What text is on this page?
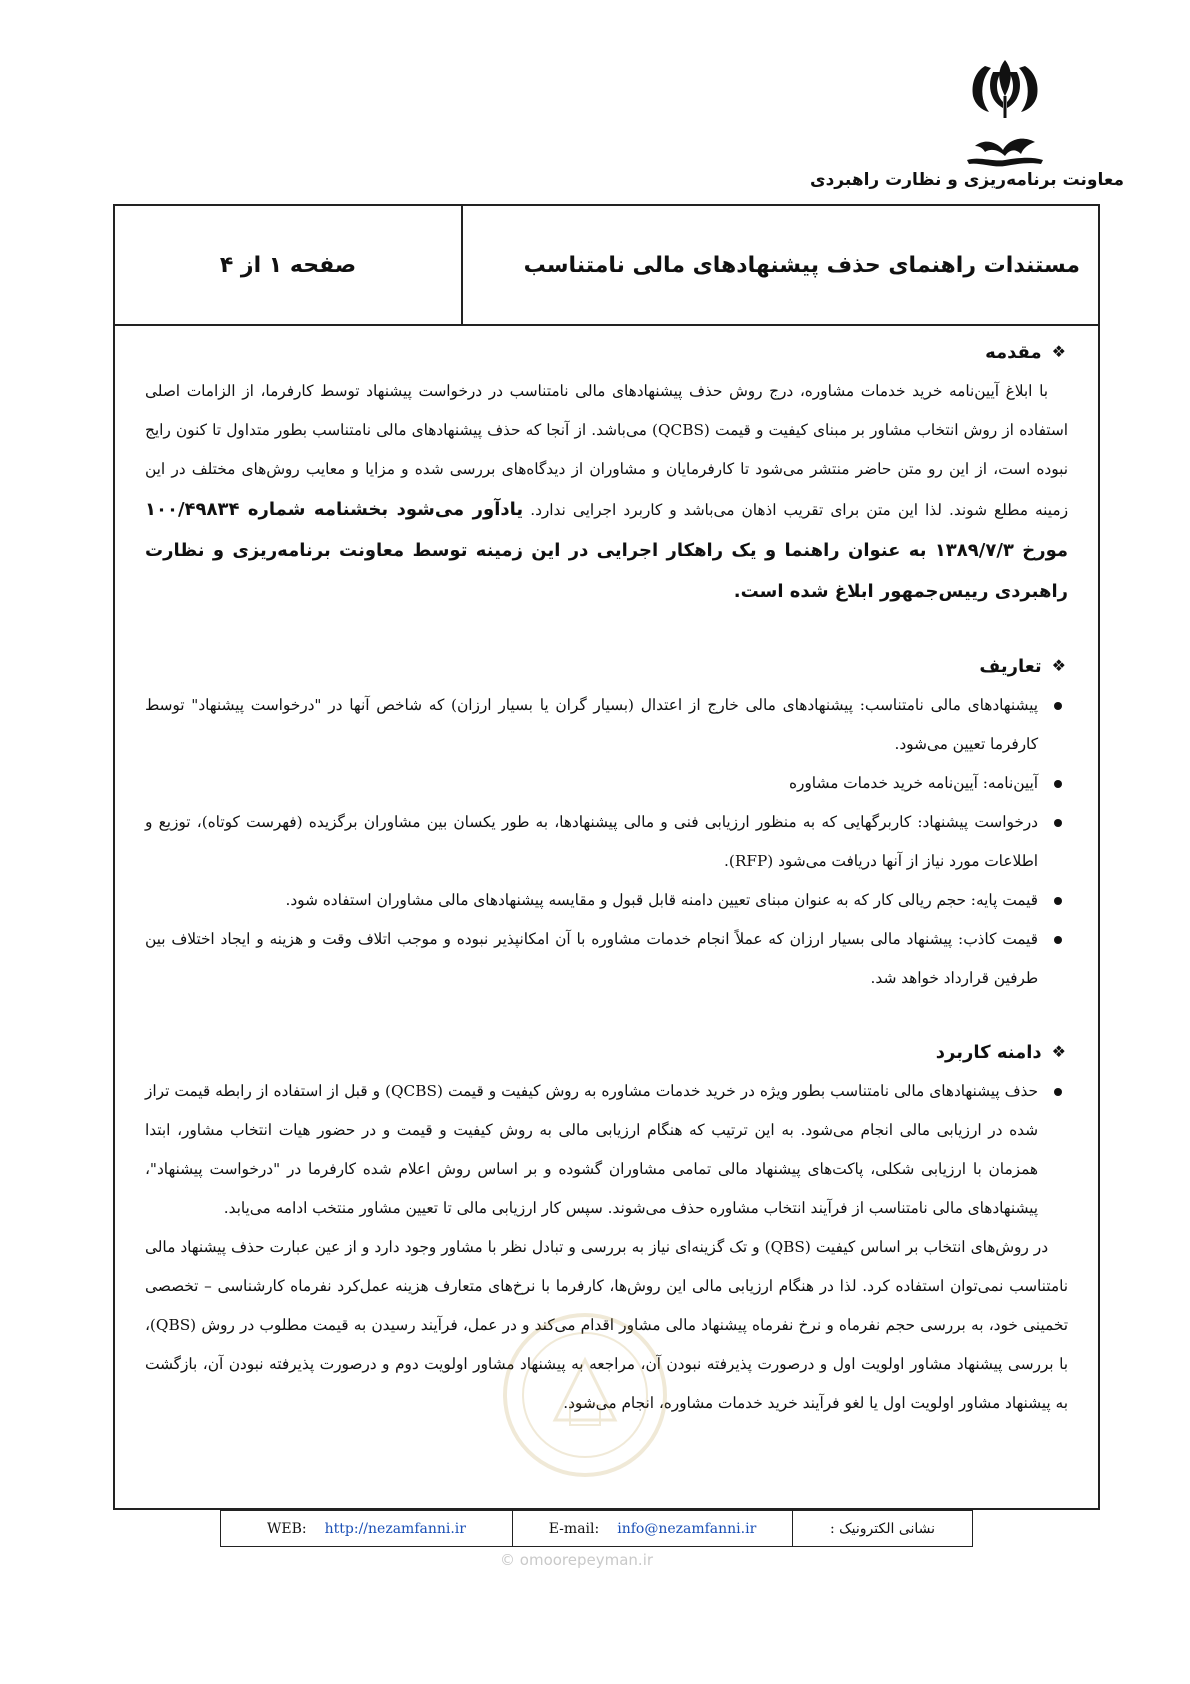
معاونت برنامه‌ریزی و نظارت راهبردی
مستندات راهنمای حذف پیشنهادهای مالی نامتناسب
صفحه ۱ از ۴
❖
مقدمه

با ابلاغ آیین‌نامه خرید خدمات مشاوره، درج روش حذف پیشنهادهای مالی نامتناسب در درخواست پیشنهاد توسط کارفرما، از الزامات اصلی استفاده از روش انتخاب مشاور بر مبنای کیفیت و قیمت (QCBS) می‌باشد. از آنجا که حذف پیشنهادهای مالی نامتناسب بطور متداول تا کنون رایج نبوده است، از این رو متن حاضر منتشر می‌شود تا کارفرمایان و مشاوران از دیدگاه‌های بررسی شده و مزایا و معایب روش‌های مختلف در این زمینه مطلع شوند. لذا این متن برای تقریب اذهان می‌باشد و کاربرد اجرایی ندارد. یادآور می‌شود بخشنامه شماره ۱۰۰/۴۹۸۳۴ مورخ ۱۳۸۹/۷/۳ به عنوان راهنما و یک راهکار اجرایی در این زمینه توسط معاونت برنامه‌ریزی و نظارت راهبردی رییس‌جمهور ابلاغ شده است.

❖
تعاریف
پیشنهادهای مالی نامتناسب: پیشنهادهای مالی خارج از اعتدال (بسیار گران یا بسیار ارزان) که شاخص آنها در "درخواست پیشنهاد" توسط کارفرما تعیین می‌شود.
آیین‌نامه: آیین‌نامه خرید خدمات مشاوره
درخواست پیشنهاد: کاربرگهایی که به منظور ارزیابی فنی و مالی پیشنهادها، به طور یکسان بین مشاوران برگزیده (فهرست کوتاه)، توزیع و اطلاعات مورد نیاز از آنها دریافت می‌شود (RFP).
قیمت پایه: حجم ریالی کار که به عنوان مبنای تعیین دامنه قابل قبول و مقایسه پیشنهادهای مالی مشاوران استفاده شود.
قیمت کاذب: پیشنهاد مالی بسیار ارزان که عملاً انجام خدمات مشاوره با آن امکانپذیر نبوده و موجب اتلاف وقت و هزینه و ایجاد اختلاف بین طرفین قرارداد خواهد شد.
❖
دامنه کاربرد
حذف پیشنهادهای مالی نامتناسب بطور ویژه در خرید خدمات مشاوره به روش کیفیت و قیمت (QCBS) و قبل از استفاده از رابطه قیمت تراز شده در ارزیابی مالی انجام می‌شود. به این ترتیب که هنگام ارزیابی مالی به روش کیفیت و قیمت و در حضور هیات انتخاب مشاور، ابتدا همزمان با ارزیابی شکلی، پاکت‌های پیشنهاد مالی تمامی مشاوران گشوده و بر اساس روش اعلام شده کارفرما در "درخواست پیشنهاد"، پیشنهادهای مالی نامتناسب از فرآیند انتخاب مشاوره حذف می‌شوند. سپس کار ارزیابی مالی تا تعیین مشاور منتخب ادامه می‌یابد.

در روش‌های انتخاب بر اساس کیفیت (QBS) و تک گزینه‌ای نیاز به بررسی و تبادل نظر با مشاور وجود دارد و از عین عبارت حذف پیشنهاد مالی نامتناسب نمی‌توان استفاده کرد. لذا در هنگام ارزیابی مالی این روش‌ها، کارفرما با نرخ‌های متعارف هزینه عمل‌کرد نفرماه کارشناسی – تخصصی تخمینی خود، به بررسی حجم نفرماه و نرخ نفرماه پیشنهاد مالی مشاور اقدام می‌کند و در عمل، فرآیند رسیدن به قیمت مطلوب در روش (QBS)، با بررسی پیشنهاد مشاور اولویت اول و درصورت پذیرفته نبودن آن، مراجعه به پیشنهاد مشاور اولویت دوم و درصورت پذیرفته نبودن آن، بازگشت به پیشنهاد مشاور اولویت اول یا لغو فرآیند خرید خدمات مشاوره، انجام می‌شود.

نشانی الکترونیک :
E-mail: info@nezamfanni.ir
WEB: http://nezamfanni.ir
© omoorepeyman.ir
